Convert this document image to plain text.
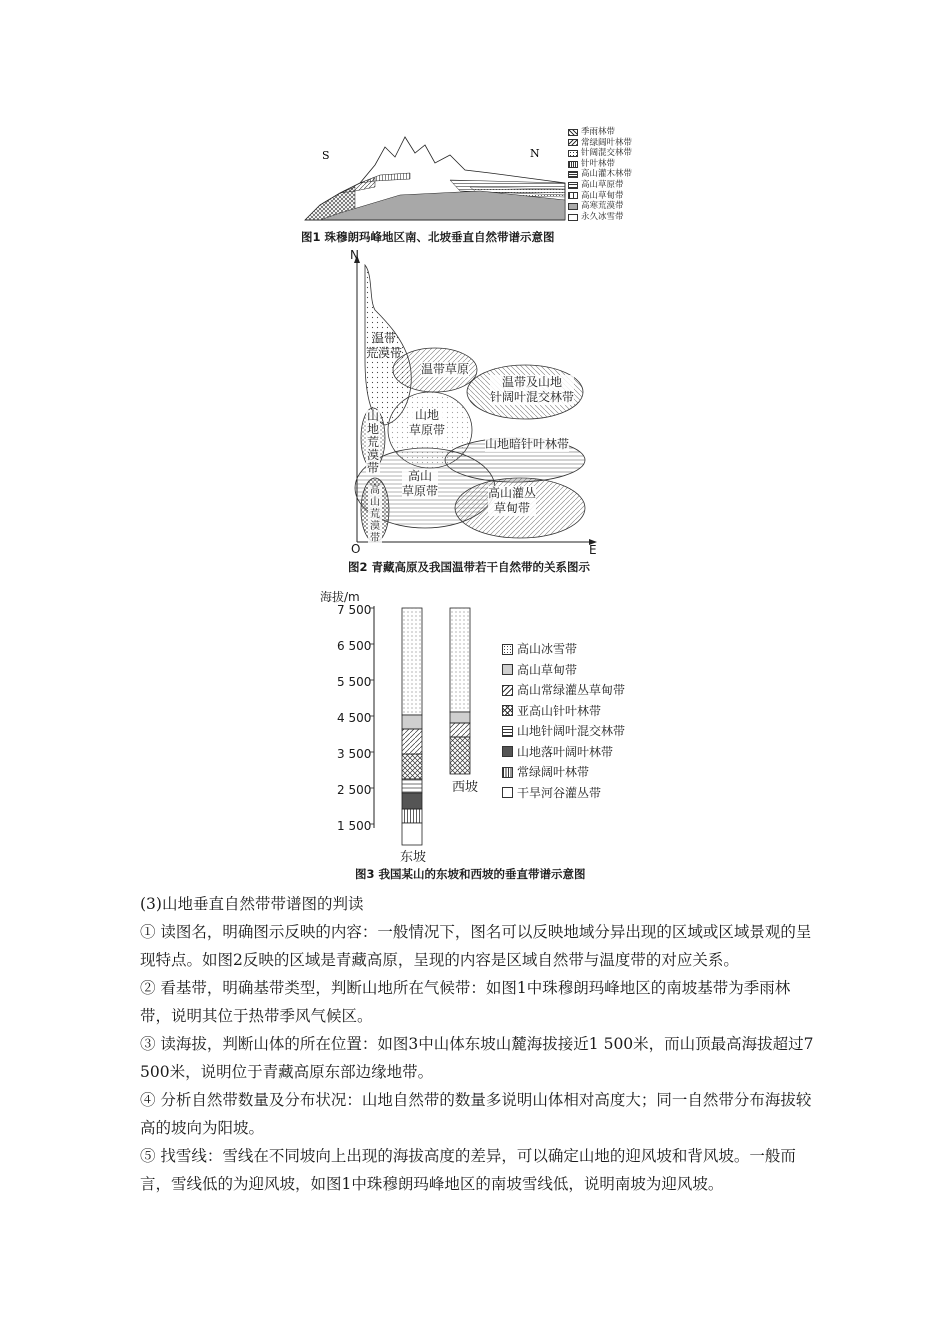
S	N
季雨林带
常绿阔叶林带
针阔混交林带
针叶林带
高山灌木林带
高山草原带
高山草甸带
高寒荒漠带
永久冰雪带
图1 珠穆朗玛峰地区南、北坡垂直自然带谱示意图
N
O	E
温带
荒漠带
温带草原
温带及山地
针阔叶混交林带
山地
草原带
山地荒漠带
山地暗针叶林带
高山
草原带
高山荒漠带
高山灌丛
草甸带
图2 青藏高原及我国温带若干自然带的关系图示
海拔/m
7 500
6 500
5 500
4 500
3 500
2 500
1 500
东坡
西坡
高山冰雪带
高山草甸带
高山常绿灌丛草甸带
亚高山针叶林带
山地针阔叶混交林带
山地落叶阔叶林带
常绿阔叶林带
干旱河谷灌丛带
图3 我国某山的东坡和西坡的垂直带谱示意图

(3)山地垂直自然带带谱图的判读

① 读图名，明确图示反映的内容：一般情况下，图名可以反映地域分异出现的区域或区域景观的呈现特点。如图2反映的区域是青藏高原，呈现的内容是区域自然带与温度带的对应关系。

② 看基带，明确基带类型，判断山地所在气候带：如图1中珠穆朗玛峰地区的南坡基带为季雨林带，说明其位于热带季风气候区。

③ 读海拔，判断山体的所在位置：如图3中山体东坡山麓海拔接近1 500米，而山顶最高海拔超过7 500米，说明位于青藏高原东部边缘地带。

④ 分析自然带数量及分布状况：山地自然带的数量多说明山体相对高度大；同一自然带分布海拔较高的坡向为阳坡。

⑤ 找雪线：雪线在不同坡向上出现的海拔高度的差异，可以确定山地的迎风坡和背风坡。一般而言，雪线低的为迎风坡，如图1中珠穆朗玛峰地区的南坡雪线低，说明南坡为迎风坡。
